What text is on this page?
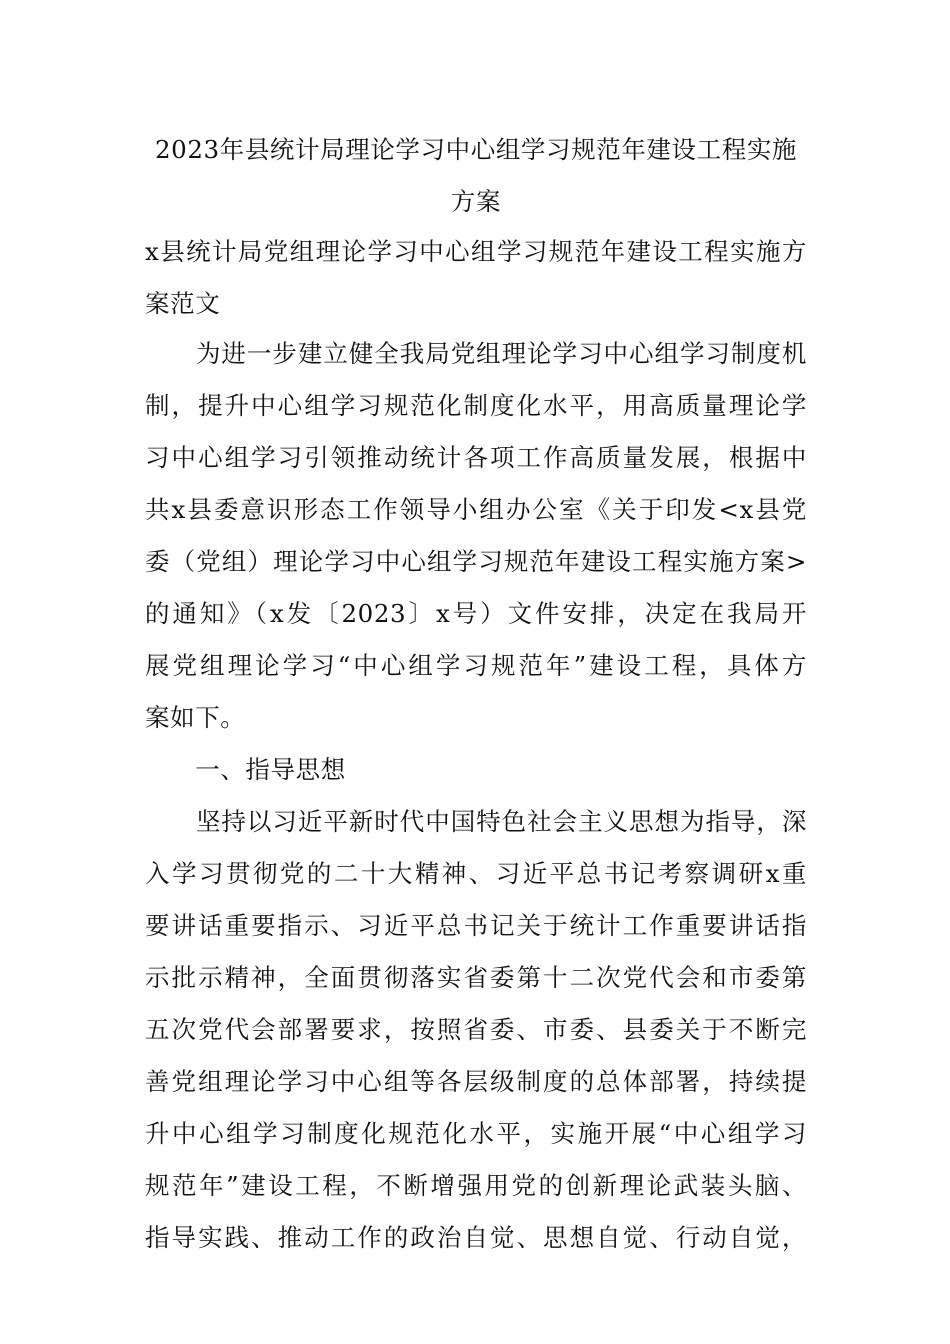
2023年县统计局理论学习中心组学习规范年建设工程实施
方案
x县统计局党组理论学习中心组学习规范年建设工程实施方
案范文
　　为进一步建立健全我局党组理论学习中心组学习制度机
制，提升中心组学习规范化制度化水平，用高质量理论学
习中心组学习引领推动统计各项工作高质量发展，根据中
共x县委意识形态工作领导小组办公室《关于印发<x县党
委（党组）理论学习中心组学习规范年建设工程实施方案>
的通知》（x发〔2023〕x号）文件安排，决定在我局开
展党组理论学习“中心组学习规范年”建设工程，具体方
案如下。
　　一、指导思想
　　坚持以习近平新时代中国特色社会主义思想为指导，深
入学习贯彻党的二十大精神、习近平总书记考察调研x重
要讲话重要指示、习近平总书记关于统计工作重要讲话指
示批示精神，全面贯彻落实省委第十二次党代会和市委第
五次党代会部署要求，按照省委、市委、县委关于不断完
善党组理论学习中心组等各层级制度的总体部署，持续提
升中心组学习制度化规范化水平，实施开展“中心组学习
规范年”建设工程，不断增强用党的创新理论武装头脑、
指导实践、推动工作的政治自觉、思想自觉、行动自觉，
